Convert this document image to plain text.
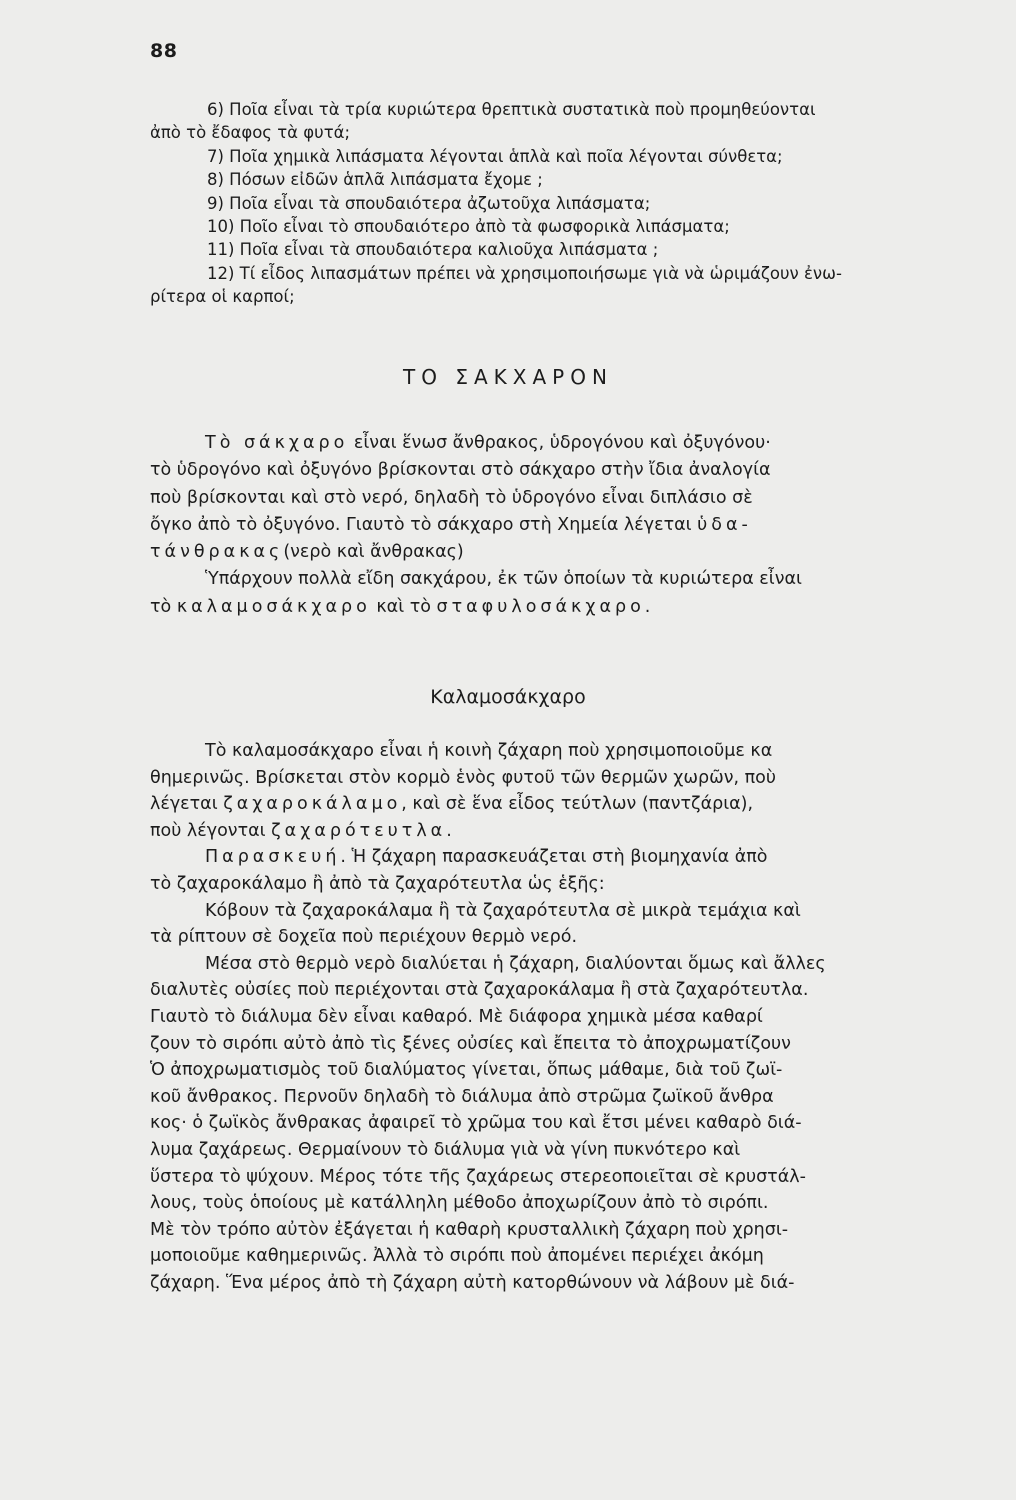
88

6) Ποῖα εἶναι τὰ τρία κυριώτερα θρεπτικὰ συστατικὰ ποὺ προμηθεύονται

ἀπὸ τὸ ἔδαφος τὰ φυτά;

7) Ποῖα χημικὰ λιπάσματα λέγονται ἁπλὰ καὶ ποῖα λέγονται σύνθετα;

8) Πόσων εἰδῶν ἁπλᾶ λιπάσματα ἔχομε ;

9) Ποῖα εἶναι τὰ σπουδαιότερα ἀζωτοῦχα λιπάσματα;

10) Ποῖο εἶναι τὸ σπουδαιότερο ἀπὸ τὰ φωσφορικὰ λιπάσματα;

11) Ποῖα εἶναι τὰ σπουδαιότερα καλιοῦχα λιπάσματα ;

12) Τί εἶδος λιπασμάτων πρέπει νὰ χρησιμοποιήσωμε γιὰ νὰ ὡριμάζουν ἐνω-

ρίτερα οἱ καρποί;

ΤΟ ΣΑΚΧΑΡΟΝ

Τὸ σάκχαρο εἶναι ἕνωσ ἄνθρακος, ὑδρογόνου καὶ ὀξυγόνου·

τὸ ὑδρογόνο καὶ ὀξυγόνο βρίσκονται στὸ σάκχαρο στὴν ἴδια ἀναλογία

ποὺ βρίσκονται καὶ στὸ νερό, δηλαδὴ τὸ ὑδρογόνο εἶναι διπλάσιο σὲ

ὄγκο ἀπὸ τὸ ὀξυγόνο. Γιαυτὸ τὸ σάκχαρο στὴ Χημεία λέγεται ὑδα-

τάνθρακας(νερὸ καὶ ἄνθρακας)

Ὑπάρχουν πολλὰ εἴδη σακχάρου, ἐκ τῶν ὁποίων τὰ κυριώτερα εἶναι

τὸ καλαμοσάκχαρο καὶ τὸ σταφυλοσάκχαρο.

Καλαμοσάκχαρο

Τὸ καλαμοσάκχαρο εἶναι ἡ κοινὴ ζάχαρη ποὺ χρησιμοποιοῦμε κα

θημερινῶς. Βρίσκεται στὸν κορμὸ ἑνὸς φυτοῦ τῶν θερμῶν χωρῶν, ποὺ

λέγεται ζαχαροκάλαμο, καὶ σὲ ἕνα εἶδος τεύτλων (παντζάρια),

ποὺ λέγονται ζαχαρότευτλα.

Παρασκευή. Ἡ ζάχαρη παρασκευάζεται στὴ βιομηχανία ἀπὸ

τὸ ζαχαροκάλαμο ἢ ἀπὸ τὰ ζαχαρότευτλα ὡς ἑξῆς:

Κόβουν τὰ ζαχαροκάλαμα ἢ τὰ ζαχαρότευτλα σὲ μικρὰ τεμάχια καὶ

τὰ ρίπτουν σὲ δοχεῖα ποὺ περιέχουν θερμὸ νερό.

Μέσα στὸ θερμὸ νερὸ διαλύεται ἡ ζάχαρη, διαλύονται ὅμως καὶ ἄλλες

διαλυτὲς οὐσίες ποὺ περιέχονται στὰ ζαχαροκάλαμα ἢ στὰ ζαχαρότευτλα.

Γιαυτὸ τὸ διάλυμα δὲν εἶναι καθαρό. Μὲ διάφορα χημικὰ μέσα καθαρί

ζουν τὸ σιρόπι αὐτὸ ἀπὸ τὶς ξένες οὐσίες καὶ ἔπειτα τὸ ἀποχρωματίζουν

Ὁ ἀποχρωματισμὸς τοῦ διαλύματος γίνεται, ὅπως μάθαμε, διὰ τοῦ ζωϊ-

κοῦ ἄνθρακος. Περνοῦν δηλαδὴ τὸ διάλυμα ἀπὸ στρῶμα ζωϊκοῦ ἄνθρα

κος· ὁ ζωϊκὸς ἄνθρακας ἀφαιρεῖ τὸ χρῶμα του καὶ ἔτσι μένει καθαρὸ διά-

λυμα ζαχάρεως. Θερμαίνουν τὸ διάλυμα γιὰ νὰ γίνη πυκνότερο καὶ

ὕστερα τὸ ψύχουν. Μέρος τότε τῆς ζαχάρεως στερεοποιεῖται σὲ κρυστάλ-

λους, τοὺς ὁποίους μὲ κατάλληλη μέθοδο ἀποχωρίζουν ἀπὸ τὸ σιρόπι.

Μὲ τὸν τρόπο αὐτὸν ἐξάγεται ἡ καθαρὴ κρυσταλλικὴ ζάχαρη ποὺ χρησι-

μοποιοῦμε καθημερινῶς. Ἀλλὰ τὸ σιρόπι ποὺ ἀπομένει περιέχει ἀκόμη

ζάχαρη. Ἕνα μέρος ἀπὸ τὴ ζάχαρη αὐτὴ κατορθώνουν νὰ λάβουν μὲ διά-
